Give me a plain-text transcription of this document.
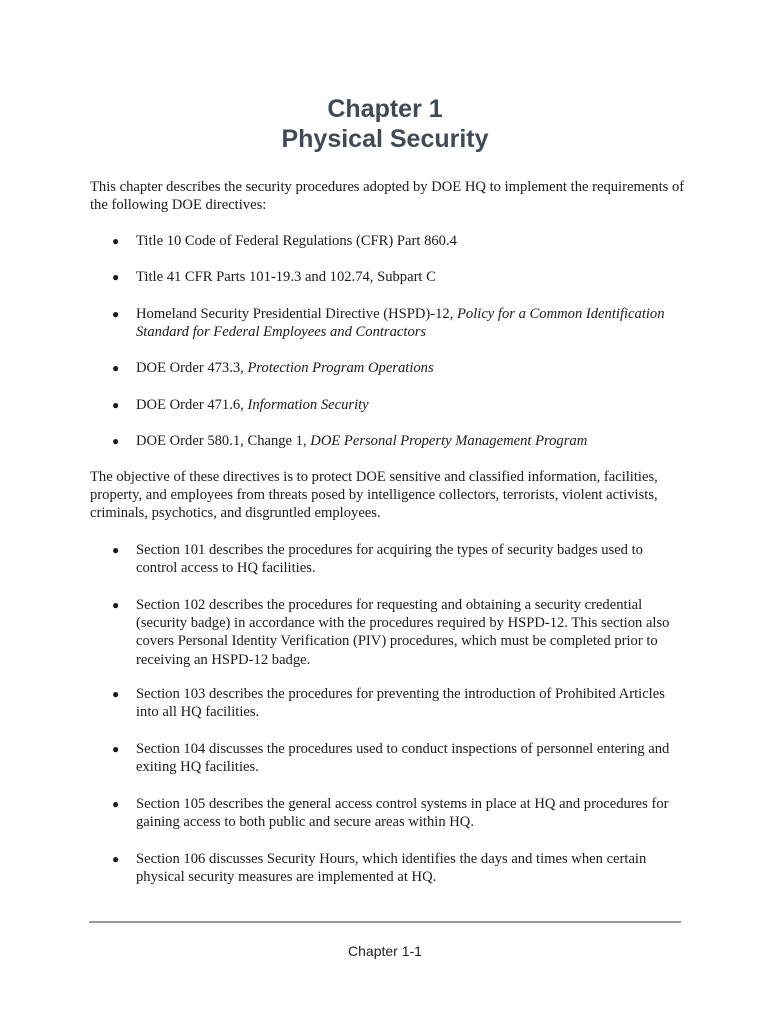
Chapter 1
Physical Security

This chapter describes the security procedures adopted by DOE HQ to implement the requirements of the following DOE directives:

● Title 10 Code of Federal Regulations (CFR) Part 860.4
● Title 41 CFR Parts 101-19.3 and 102.74, Subpart C
● Homeland Security Presidential Directive (HSPD)-12, Policy for a Common Identification Standard for Federal Employees and Contractors
● DOE Order 473.3, Protection Program Operations
● DOE Order 471.6, Information Security
● DOE Order 580.1, Change 1, DOE Personal Property Management Program

The objective of these directives is to protect DOE sensitive and classified information, facilities, property, and employees from threats posed by intelligence collectors, terrorists, violent activists, criminals, psychotics, and disgruntled employees.

● Section 101 describes the procedures for acquiring the types of security badges used to control access to HQ facilities.
● Section 102 describes the procedures for requesting and obtaining a security credential (security badge) in accordance with the procedures required by HSPD-12. This section also covers Personal Identity Verification (PIV) procedures, which must be completed prior to receiving an HSPD-12 badge.
● Section 103 describes the procedures for preventing the introduction of Prohibited Articles into all HQ facilities.
● Section 104 discusses the procedures used to conduct inspections of personnel entering and exiting HQ facilities.
● Section 105 describes the general access control systems in place at HQ and procedures for gaining access to both public and secure areas within HQ.
● Section 106 discusses Security Hours, which identifies the days and times when certain physical security measures are implemented at HQ.
Chapter 1-1
